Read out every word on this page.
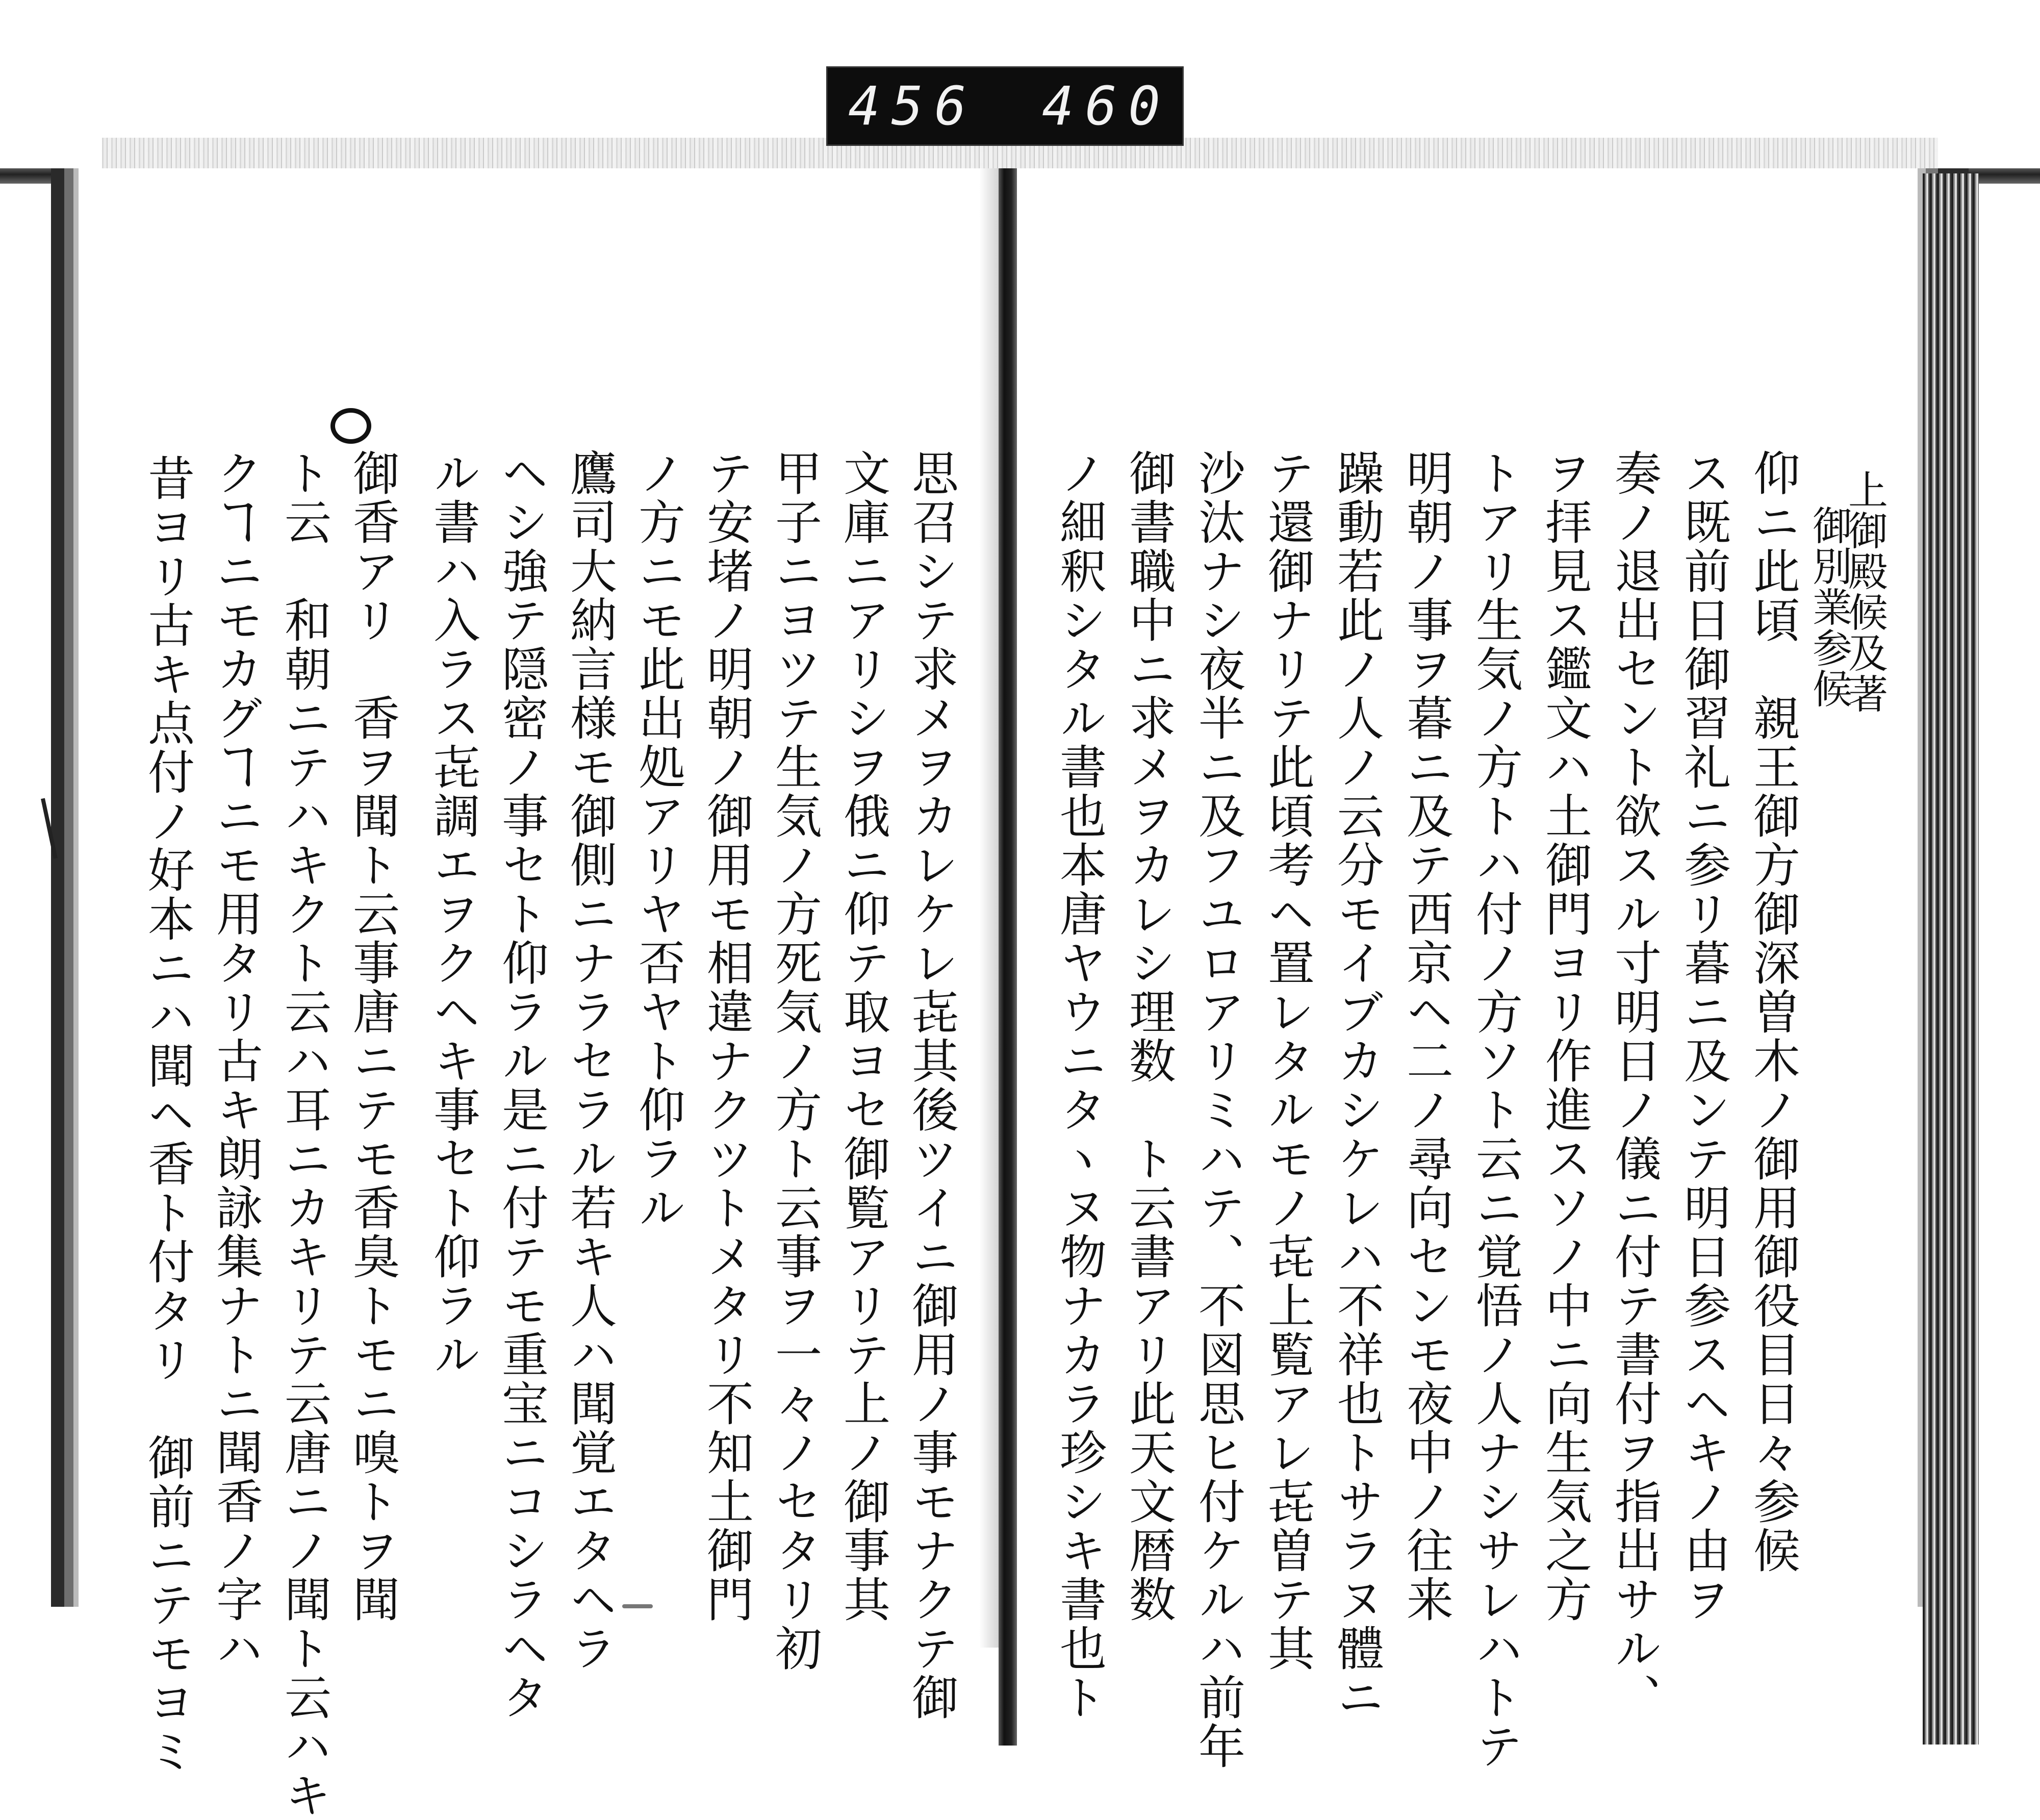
456 460
上御殿候及著
御別業参候
仰ニ此頃　親王御方御深曽木ノ御用御役目日々参候
ス既前日御習礼ニ参リ暮ニ及ンテ明日参スヘキノ由ヲ
奏ノ退出セント欲スル寸明日ノ儀ニ付テ書付ヲ指出サル、
ヲ拝見ス鑑文ハ土御門ヨリ作進スソノ中ニ向生気之方
トアリ生気ノ方トハ付ノ方ソト云ニ覚悟ノ人ナシサレハトテ
明朝ノ事ヲ暮ニ及テ西京ヘ二ノ尋向センモ夜中ノ往来
躁動若此ノ人ノ云分モイブカシケレハ不祥也トサラヌ體ニ
テ還御ナリテ此頃考ヘ置レタルモノ㐂上覧アレ㐂曽テ其
沙汰ナシ夜半ニ及フユロアリミハテ、不図思ヒ付ケルハ前年
御書職中ニ求メヲカレシ理数　ト云書アリ此天文暦数
ノ細釈シタル書也本唐ヤウニタヽヌ物ナカラ珍シキ書也ト
思召シテ求メヲカレケレ㐂其後ツイニ御用ノ事モナクテ御
文庫ニアリシヲ俄ニ仰テ取ヨセ御覧アリテ上ノ御事其
甲子ニヨツテ生気ノ方死気ノ方ト云事ヲ一々ノセタリ初
テ安堵ノ明朝ノ御用モ相違ナクツトメタリ不知土御門
ノ方ニモ此出処アリヤ否ヤト仰ラル
鷹司大納言様モ御側ニナラセラル若キ人ハ聞覚エタヘラ
ヘシ強テ隠密ノ事セト仰ラル是ニ付テモ重宝ニコシラヘタ
ル書ハ入ラス㐂調エヲクヘキ事セト仰ラル
御香アリ　香ヲ聞ト云事唐ニテモ香臭トモニ嗅トヲ聞
ト云　和朝ニテハキクト云ハ耳ニカキリテ云唐ニノ聞ト云ハキ
クヿニモカグヿニモ用タリ古キ朗詠集ナトニ聞香ノ字ハ
昔ヨリ古キ点付ノ好本ニハ聞ヘ香ト付タリ　御前ニテモヨミ
